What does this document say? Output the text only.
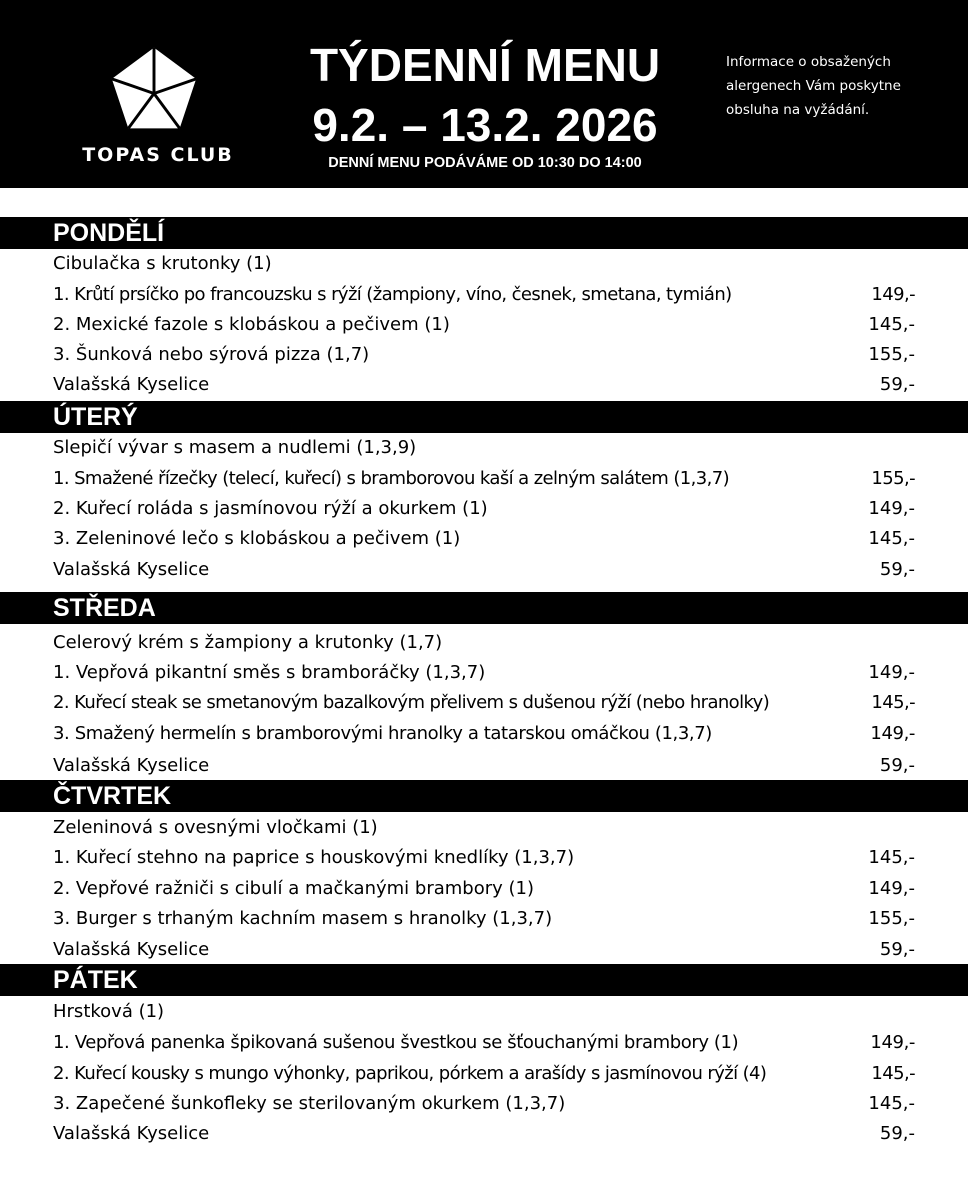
TOPAS CLUB
TÝDENNÍ MENU
9.2. – 13.2. 2026
DENNÍ MENU PODÁVÁME OD 10:30 DO 14:00
Informace o obsažených
alergenech Vám poskytne
obsluha na vyžádání.
PONDĚLÍ
Cibulačka s krutonky (1)
1. Krůtí prsíčko po francouzsku s rýží (žampiony, víno, česnek, smetana, tymián)	149,-
2. Mexické fazole s klobáskou a pečivem (1)	145,-
3. Šunková nebo sýrová pizza (1,7)	155,-
Valašská Kyselice	59,-
ÚTERÝ
Slepičí vývar s masem a nudlemi (1,3,9)
1. Smažené řízečky (telecí, kuřecí) s bramborovou kaší a zelným salátem (1,3,7)	155,-
2. Kuřecí roláda s jasmínovou rýží a okurkem (1)	149,-
3. Zeleninové lečo s klobáskou a pečivem (1)	145,-
Valašská Kyselice	59,-
STŘEDA
Celerový krém s žampiony a krutonky (1,7)
1. Vepřová pikantní směs s bramboráčky (1,3,7)	149,-
2. Kuřecí steak se smetanovým bazalkovým přelivem s dušenou rýží (nebo hranolky)	145,-
3. Smažený hermelín s bramborovými hranolky a tatarskou omáčkou (1,3,7)	149,-
Valašská Kyselice	59,-
ČTVRTEK
Zeleninová s ovesnými vločkami (1)
1. Kuřecí stehno na paprice s houskovými knedlíky (1,3,7)	145,-
2. Vepřové ražniči s cibulí a mačkanými brambory (1)	149,-
3. Burger s trhaným kachním masem s hranolky (1,3,7)	155,-
Valašská Kyselice	59,-
PÁTEK
Hrstková (1)
1. Vepřová panenka špikovaná sušenou švestkou se šťouchanými brambory (1)	149,-
2. Kuřecí kousky s mungo výhonky, paprikou, pórkem a arašídy s jasmínovou rýží (4)	145,-
3. Zapečené šunkofleky se sterilovaným okurkem (1,3,7)	145,-
Valašská Kyselice	59,-
